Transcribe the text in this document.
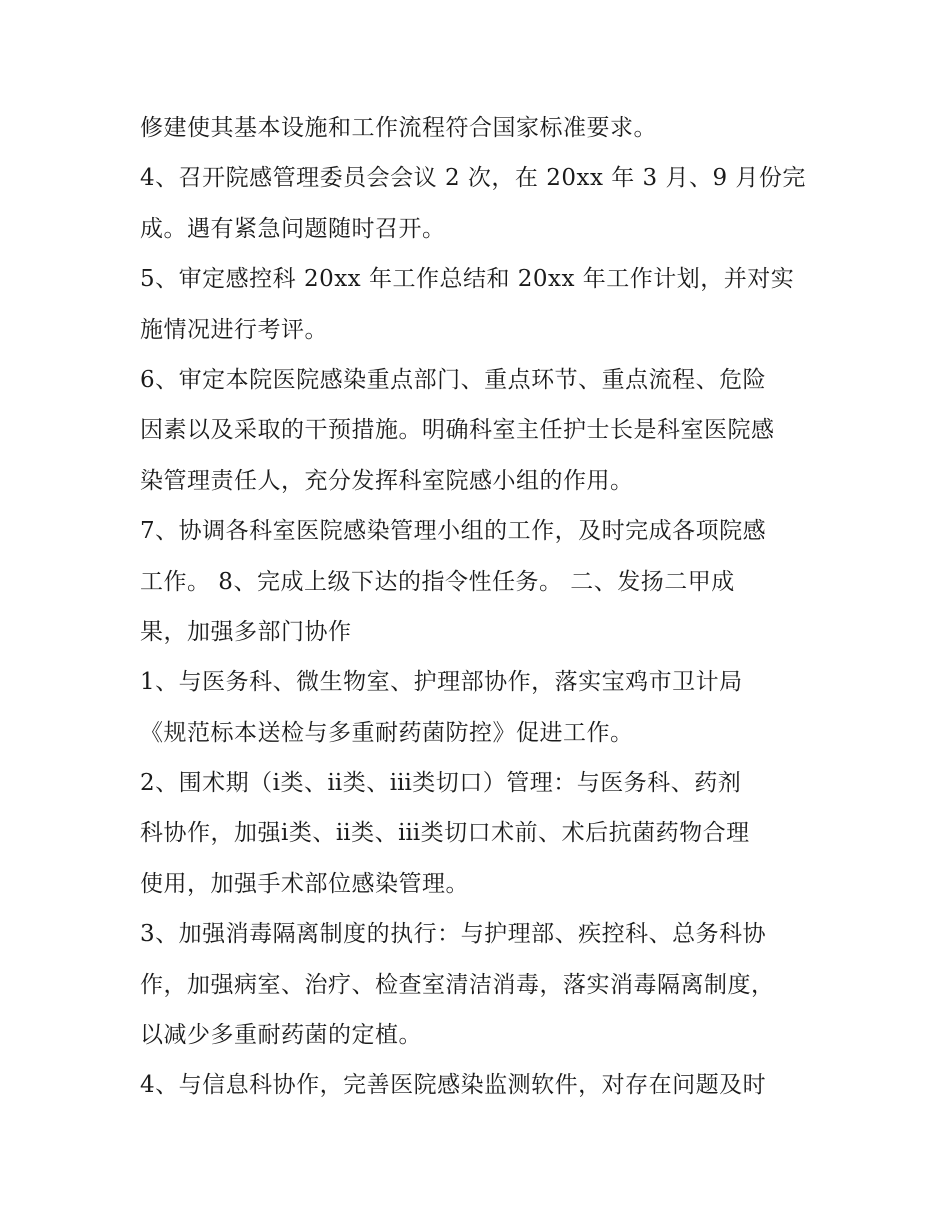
修建使其基本设施和工作流程符合国家标准要求。
4、召开院感管理委员会会议 2 次，在 20xx 年 3 月、9 月份完
成。遇有紧急问题随时召开。
5、审定感控科 20xx 年工作总结和 20xx 年工作计划，并对实
施情况进行考评。
6、审定本院医院感染重点部门、重点环节、重点流程、危险
因素以及采取的干预措施。明确科室主任护士长是科室医院感
染管理责任人，充分发挥科室院感小组的作用。
7、协调各科室医院感染管理小组的工作，及时完成各项院感
工作。 8、完成上级下达的指令性任务。 二、发扬二甲成
果，加强多部门协作
1、与医务科、微生物室、护理部协作，落实宝鸡市卫计局
《规范标本送检与多重耐药菌防控》促进工作。
2、围术期（ⅰ类、ⅱ类、ⅲ类切口）管理：与医务科、药剂
科协作，加强ⅰ类、ⅱ类、ⅲ类切口术前、术后抗菌药物合理
使用，加强手术部位感染管理。
3、加强消毒隔离制度的执行：与护理部、疾控科、总务科协
作，加强病室、治疗、检查室清洁消毒，落实消毒隔离制度，
以减少多重耐药菌的定植。
4、与信息科协作，完善医院感染监测软件，对存在问题及时
